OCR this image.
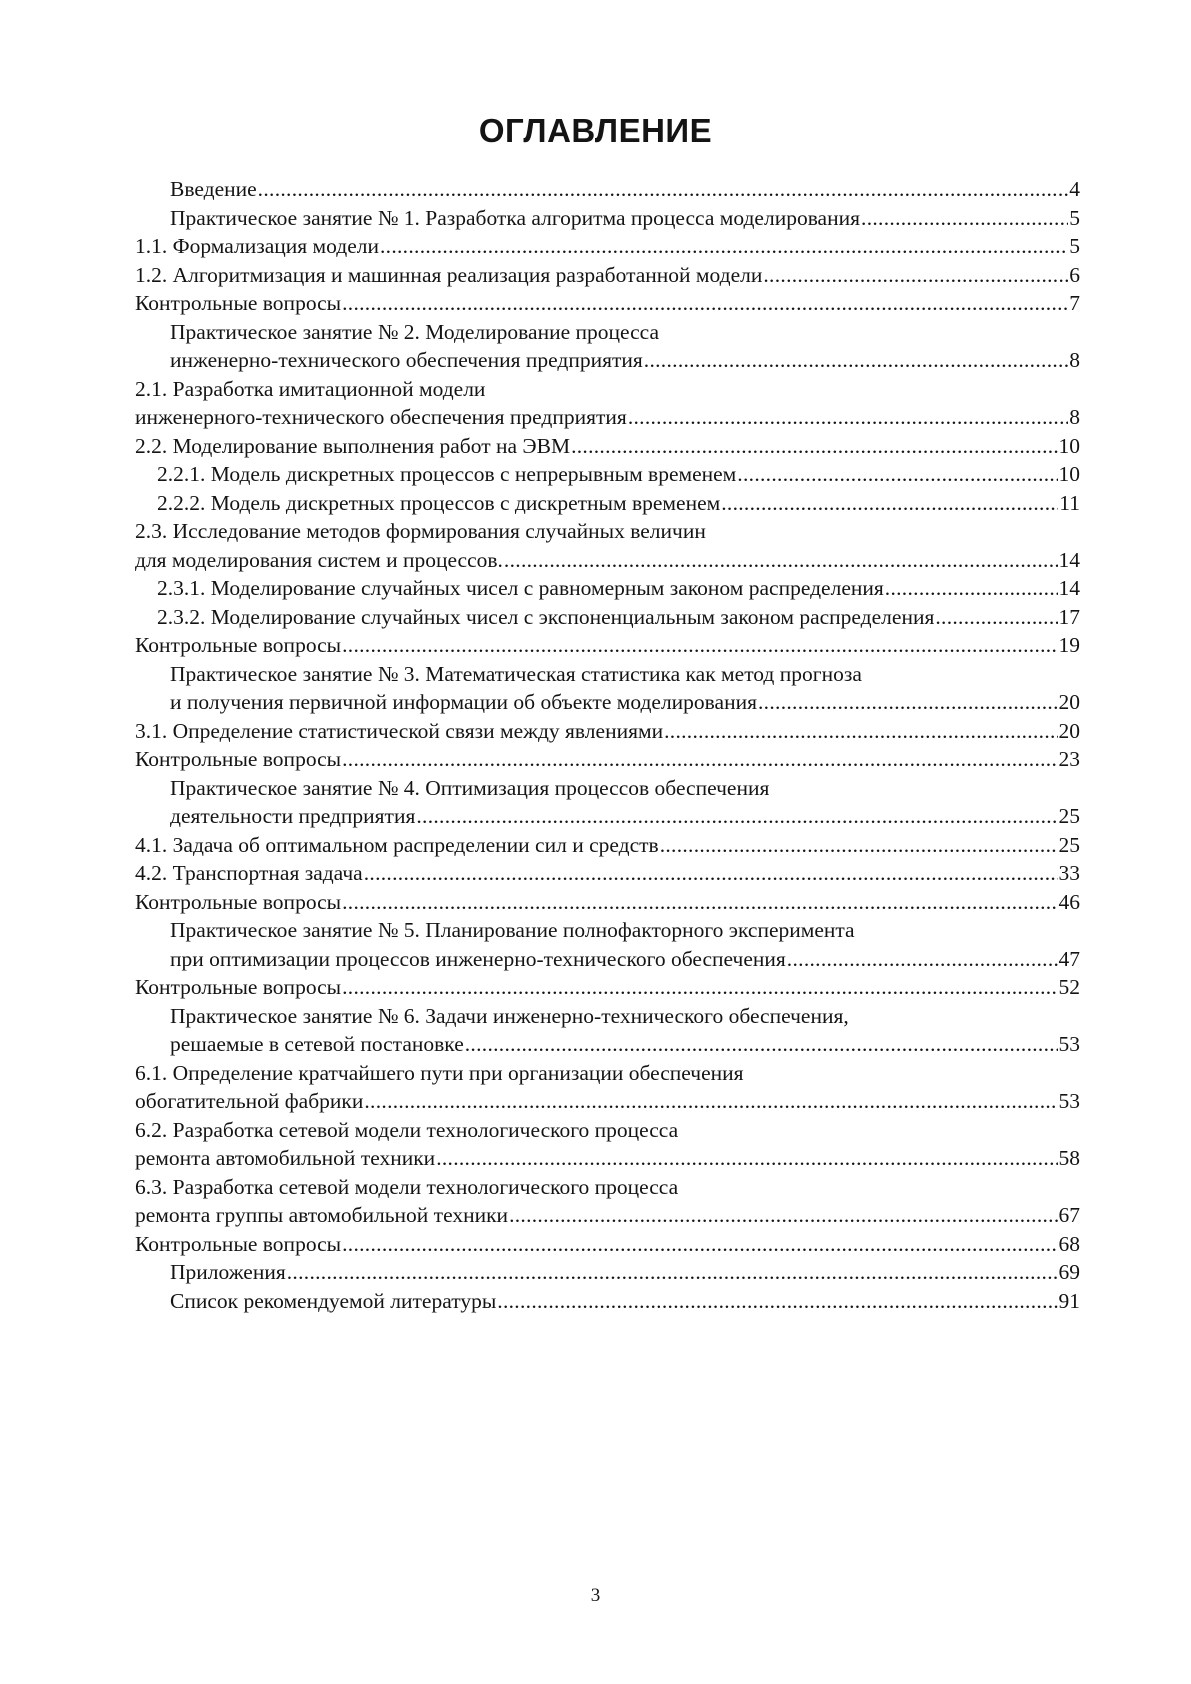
ОГЛАВЛЕНИЕ
Введение .....	4
Практическое занятие № 1. Разработка алгоритма процесса моделирования .....	5
1.1. Формализация модели .....	5
1.2. Алгоритмизация и машинная реализация разработанной модели .....	6
Контрольные вопросы .....	7
Практическое занятие № 2. Моделирование процесса
инженерно-технического обеспечения предприятия .....	8
2.1. Разработка имитационной модели
инженерного-технического обеспечения предприятия .....	8
2.2. Моделирование выполнения работ на ЭВМ .....	10
2.2.1. Модель дискретных процессов с непрерывным временем .....	10
2.2.2. Модель дискретных процессов с дискретным временем .....	11
2.3. Исследование методов формирования случайных величин
для моделирования систем и процессов. .....	14
2.3.1. Моделирование случайных чисел с равномерным законом распределения .....	14
2.3.2. Моделирование случайных чисел с экспоненциальным законом распределения .....	17
Контрольные вопросы .....	19
Практическое занятие № 3. Математическая статистика как метод прогноза
и получения первичной информации об объекте моделирования .....	20
3.1. Определение статистической связи между явлениями .....	20
Контрольные вопросы .....	23
Практическое занятие № 4. Оптимизация процессов обеспечения
деятельности предприятия .....	25
4.1. Задача об оптимальном распределении сил и средств .....	25
4.2. Транспортная задача .....	33
Контрольные вопросы .....	46
Практическое занятие № 5. Планирование полнофакторного эксперимента
при оптимизации процессов инженерно-технического обеспечения .....	47
Контрольные вопросы .....	52
Практическое занятие № 6. Задачи инженерно-технического обеспечения,
решаемые в сетевой постановке .....	53
6.1. Определение кратчайшего пути при организации обеспечения
обогатительной фабрики .....	53
6.2. Разработка сетевой модели технологического процесса
ремонта автомобильной техники .....	58
6.3. Разработка сетевой модели технологического процесса
ремонта группы автомобильной техники .....	67
Контрольные вопросы .....	68
Приложения .....	69
Список рекомендуемой литературы .....	91
3
